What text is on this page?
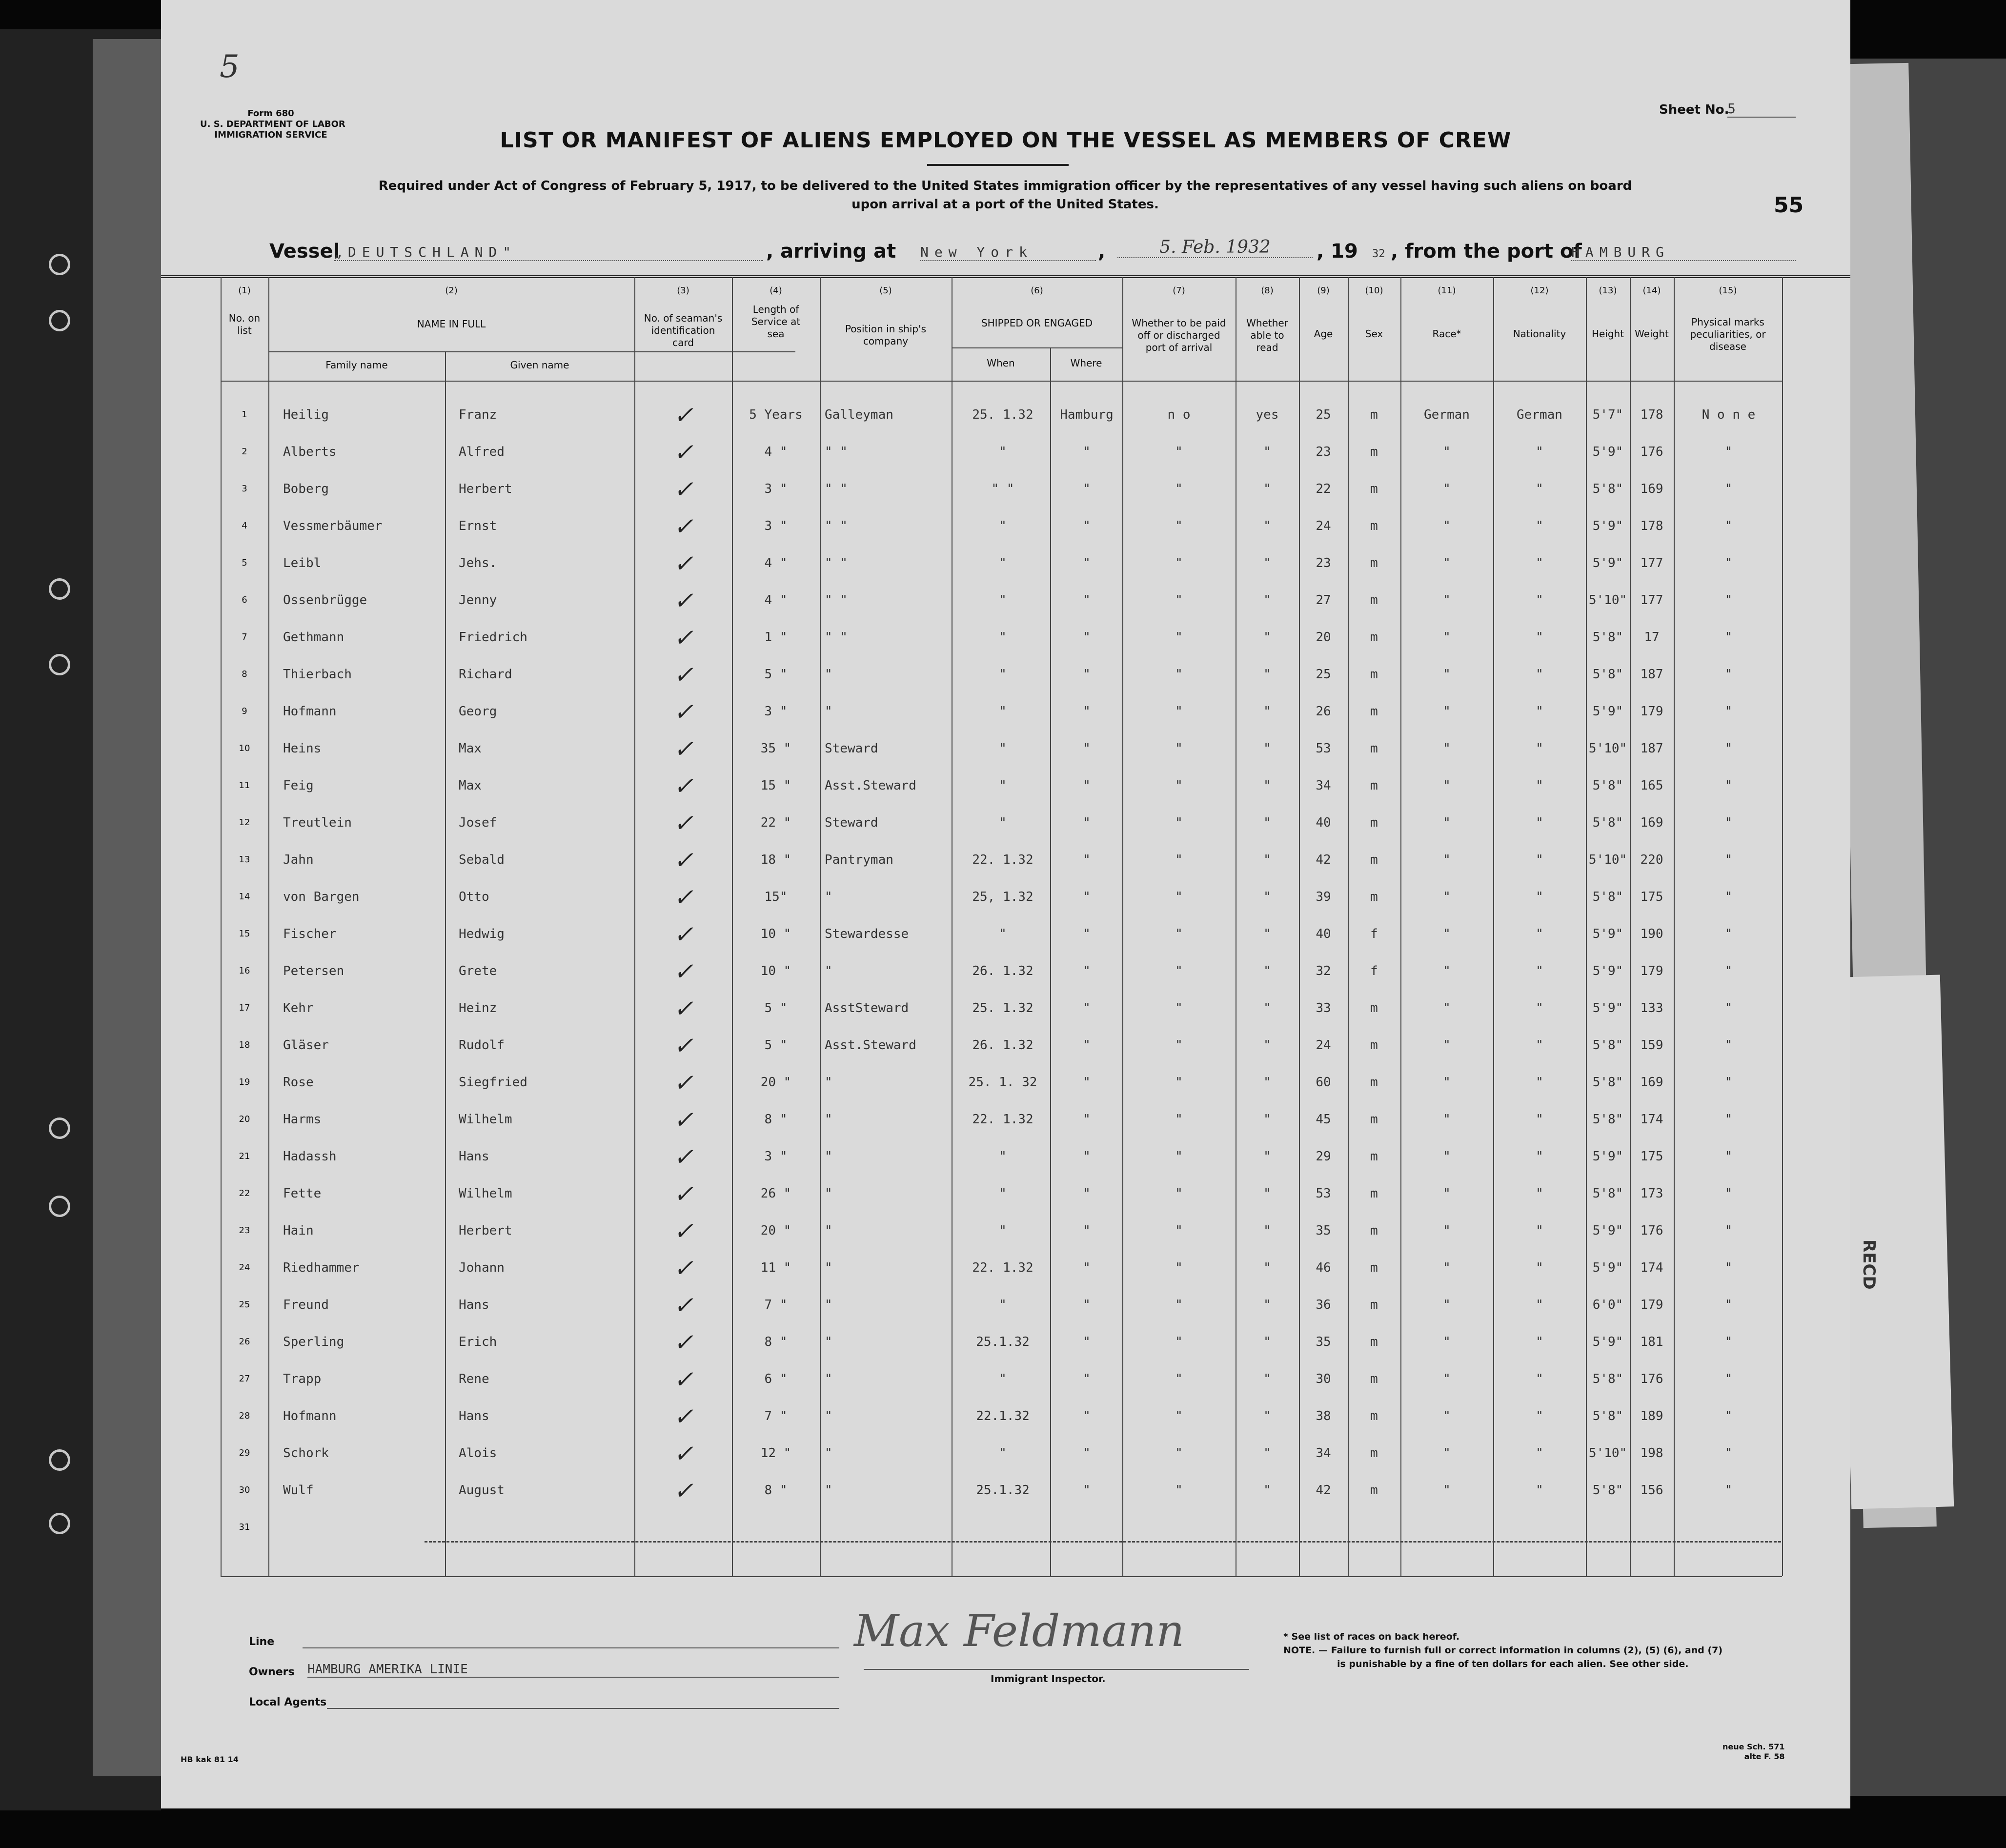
RECD
5
Form 680
U. S. DEPARTMENT OF LABOR
IMMIGRATION SERVICE
Sheet No.
5
LIST OR MANIFEST OF ALIENS EMPLOYED ON THE VESSEL AS MEMBERS OF CREW
Required under Act of Congress of February 5, 1917, to be delivered to the United States immigration officer by the representatives of any vessel having such aliens on board
upon arrival at a port of the United States.	55
Vessel
„DEUTSCHLAND"	, arriving at New York	,	5. Feb. 1932	, 19 32 , from the port of
HAMBURG
(1)
No. on list
(2)
NAME IN FULL
Family name	Given name
(3)
No. of seaman's identification card
(4)
Length of Service at sea
(5)
Position in ship's company
(6)
SHIPPED OR ENGAGED
When	Where
(7)
Whether to be paid off or discharged port of arrival
(8)
Whether able to read
(9)
Age
(10)
Sex
(11)
Race*
(12)
Nationality
(13)
Height
(14)
Weight
(15)
Physical marks peculiarities, or disease
1	Heilig	Franz	✓	5 Years	Galleyman	25. 1.32	Hamburg	n o	yes	25	m	German	German	5'7"	178	N o n e
2	Alberts	Alfred	✓	4 "	" "	"	"	"	"	23	m	"	"	5'9"	176	"
3	Boberg	Herbert	✓	3 "	" "	" "	"	"	"	22	m	"	"	5'8"	169	"
4	Vessmerbäumer	Ernst	✓	3 "	" "	"	"	"	"	24	m	"	"	5'9"	178	"
5	Leibl	Jehs.	✓	4 "	" "	"	"	"	"	23	m	"	"	5'9"	177	"
6	Ossenbrügge	Jenny	✓	4 "	" "	"	"	"	"	27	m	"	"	5'10"	177	"
7	Gethmann	Friedrich	✓	1 "	" "	"	"	"	"	20	m	"	"	5'8"	17	"
8	Thierbach	Richard	✓	5 "	"	"	"	"	"	25	m	"	"	5'8"	187	"
9	Hofmann	Georg	✓	3 "	"	"	"	"	"	26	m	"	"	5'9"	179	"
10	Heins	Max	✓	35 "	Steward	"	"	"	"	53	m	"	"	5'10"	187	"
11	Feig	Max	✓	15 "	Asst.Steward	"	"	"	"	34	m	"	"	5'8"	165	"
12	Treutlein	Josef	✓	22 "	Steward	"	"	"	"	40	m	"	"	5'8"	169	"
13	Jahn	Sebald	✓	18 "	Pantryman	22. 1.32	"	"	"	42	m	"	"	5'10"	220	"
14	von Bargen	Otto	✓	15"	"	25, 1.32	"	"	"	39	m	"	"	5'8"	175	"
15	Fischer	Hedwig	✓	10 "	Stewardesse	"	"	"	"	40	f	"	"	5'9"	190	"
16	Petersen	Grete	✓	10 "	"	26. 1.32	"	"	"	32	f	"	"	5'9"	179	"
17	Kehr	Heinz	✓	5 "	AsstSteward	25. 1.32	"	"	"	33	m	"	"	5'9"	133	"
18	Gläser	Rudolf	✓	5 "	Asst.Steward	26. 1.32	"	"	"	24	m	"	"	5'8"	159	"
19	Rose	Siegfried	✓	20 "	"	25. 1. 32	"	"	"	60	m	"	"	5'8"	169	"
20	Harms	Wilhelm	✓	8 "	"	22. 1.32	"	"	"	45	m	"	"	5'8"	174	"
21	Hadassh	Hans	✓	3 "	"	"	"	"	"	29	m	"	"	5'9"	175	"
22	Fette	Wilhelm	✓	26 "	"	"	"	"	"	53	m	"	"	5'8"	173	"
23	Hain	Herbert	✓	20 "	"	"	"	"	"	35	m	"	"	5'9"	176	"
24	Riedhammer	Johann	✓	11 "	"	22. 1.32	"	"	"	46	m	"	"	5'9"	174	"
25	Freund	Hans	✓	7 "	"	"	"	"	"	36	m	"	"	6'0"	179	"
26	Sperling	Erich	✓	8 "	"	25.1.32	"	"	"	35	m	"	"	5'9"	181	"
27	Trapp	Rene	✓	6 "	"	"	"	"	"	30	m	"	"	5'8"	176	"
28	Hofmann	Hans	✓	7 "	"	22.1.32	"	"	"	38	m	"	"	5'8"	189	"
29	Schork	Alois	✓	12 "	"	"	"	"	"	34	m	"	"	5'10"	198	"
30	Wulf	August	✓	8 "	"	25.1.32	"	"	"	42	m	"	"	5'8"	156	"
31
Line
Owners HAMBURG AMERIKA LINIE
Local Agents
Max Feldmann
Immigrant Inspector.
* See list of races on back hereof.
NOTE. — Failure to furnish full or correct information in columns (2), (5) (6), and (7)
is punishable by a fine of ten dollars for each alien. See other side.
HB kak 81 14
neue Sch. 571
alte F. 58
